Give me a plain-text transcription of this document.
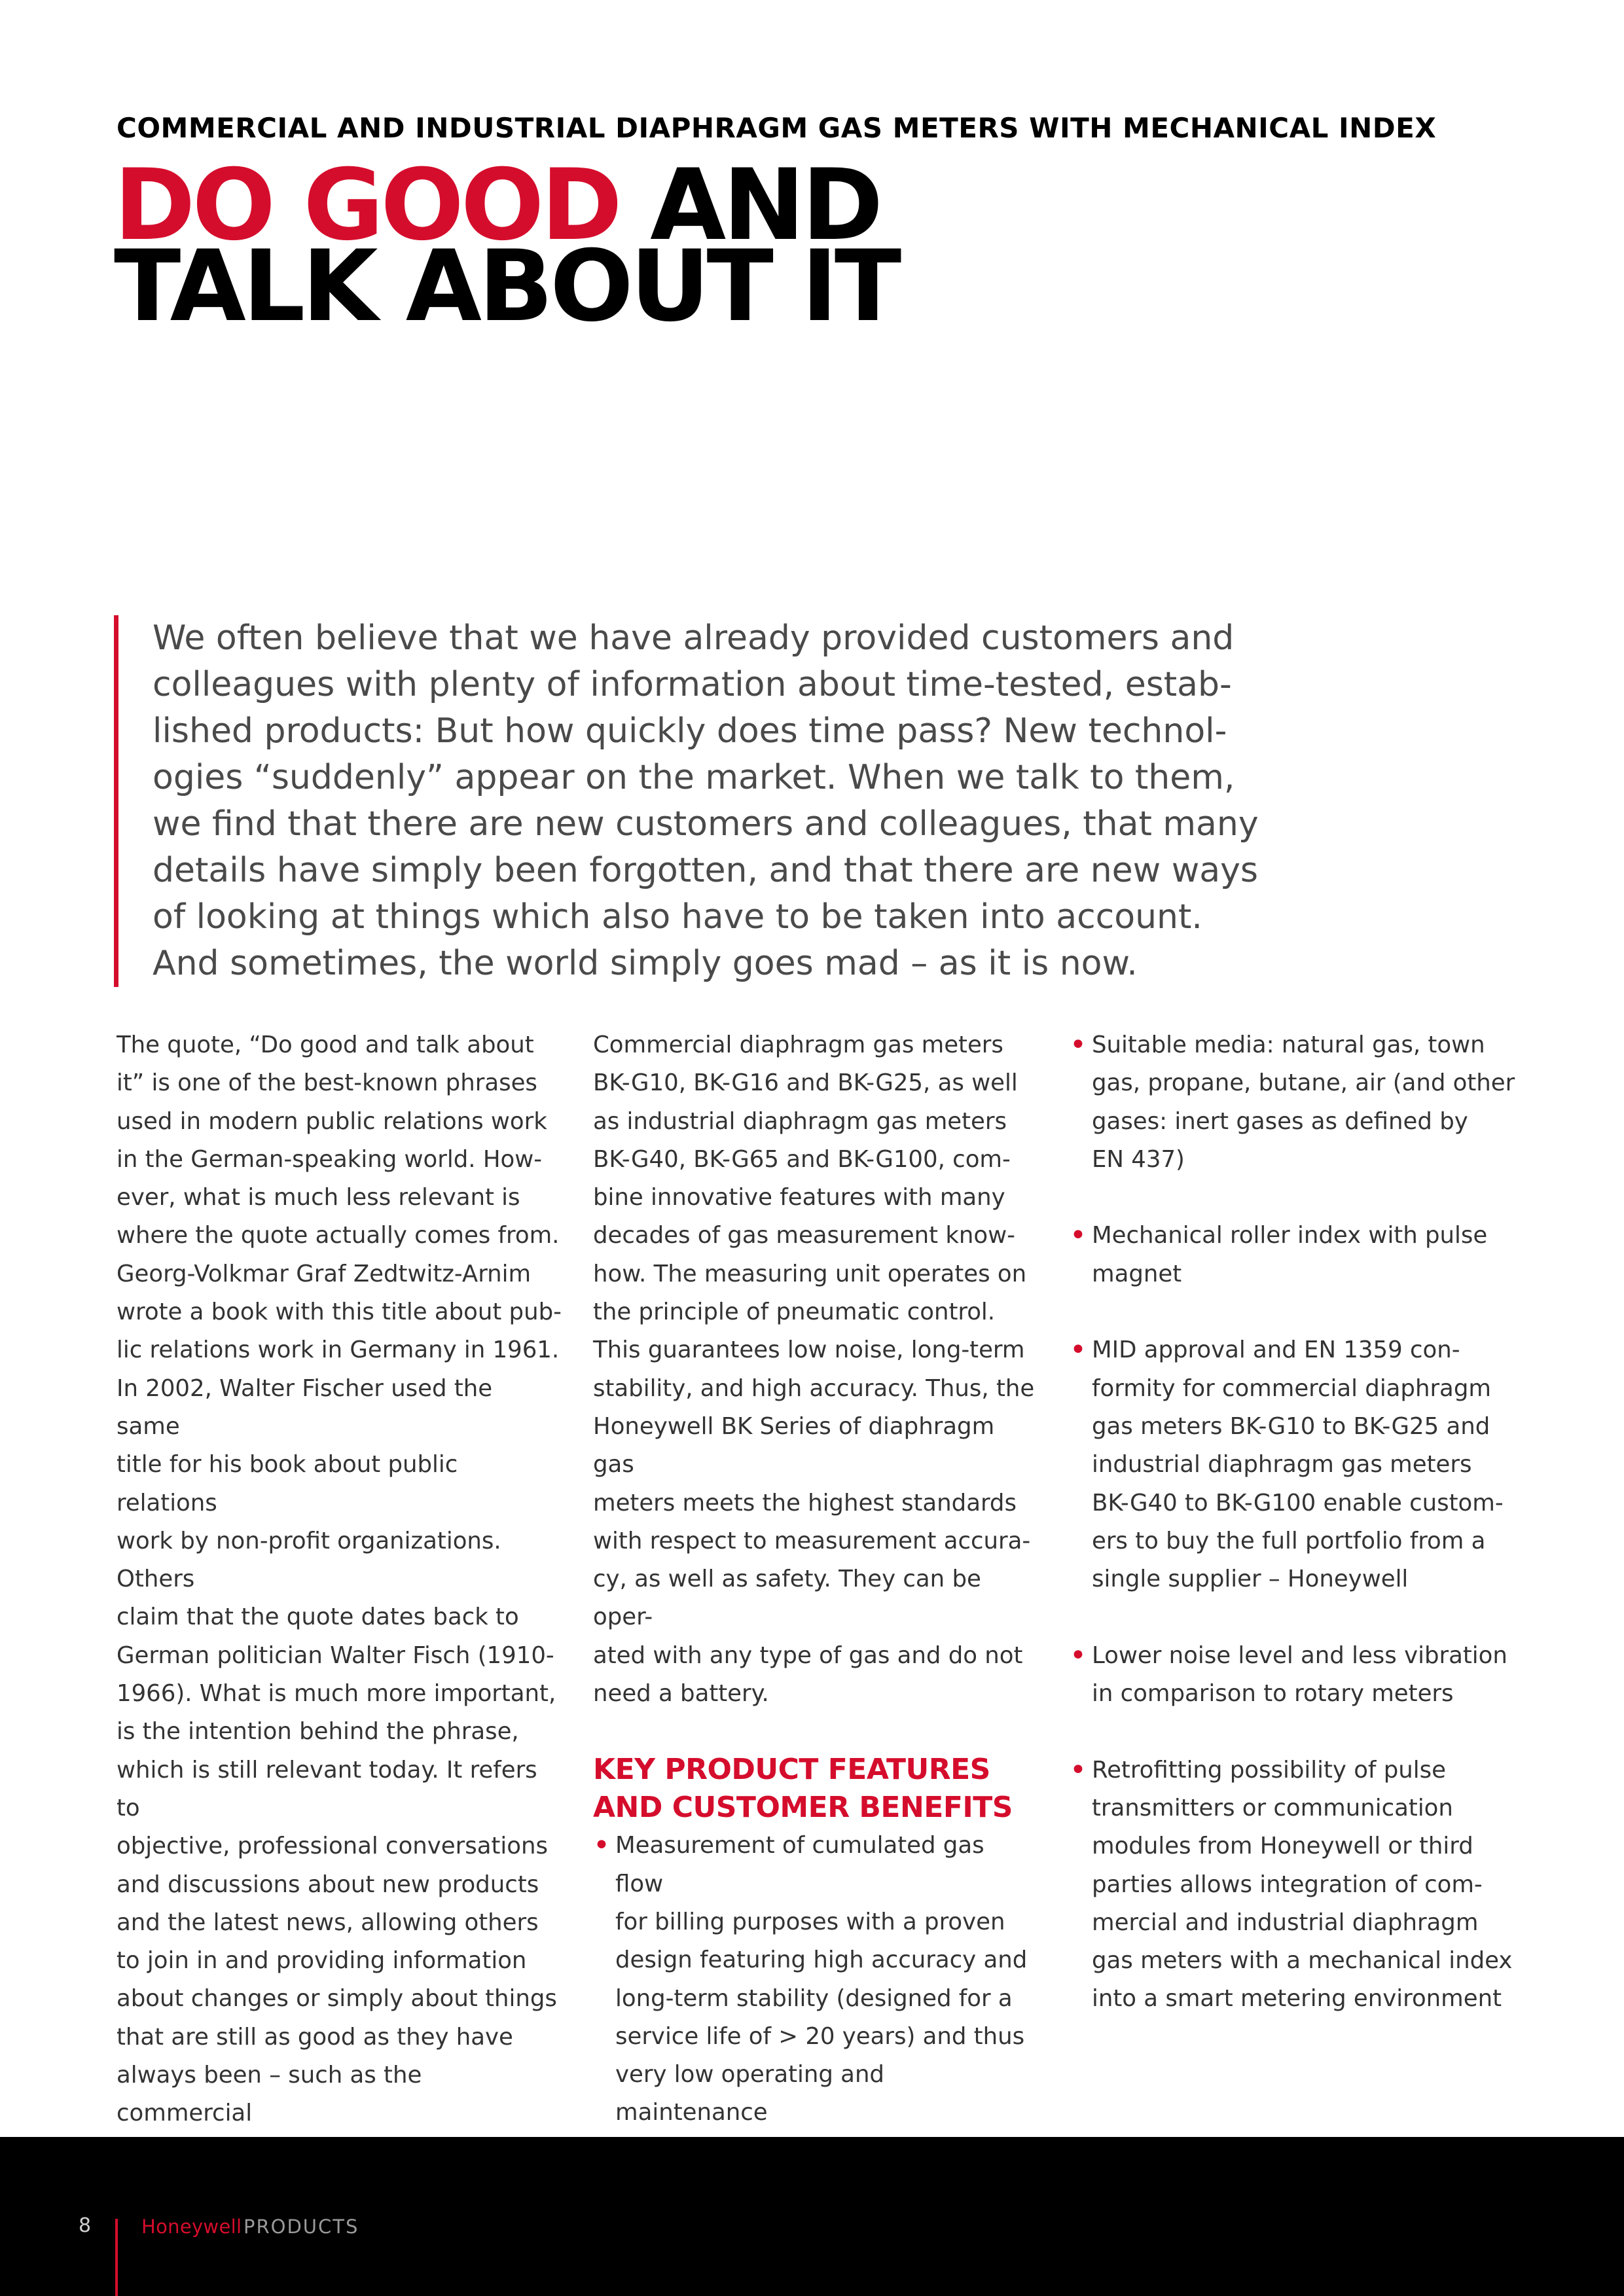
COMMERCIAL AND INDUSTRIAL DIAPHRAGM GAS METERS WITH MECHANICAL INDEX
DO GOOD AND
TALK ABOUT IT

We often believe that we have already provided customers and
colleagues with plenty of information about time-tested, estab-
lished products: But how quickly does time pass? New technol-
ogies “suddenly” appear on the market. When we talk to them,
we find that there are new customers and colleagues, that many
details have simply been forgotten, and that there are new ways
of looking at things which also have to be taken into account.
And sometimes, the world simply goes mad – as it is now.

The quote, “Do good and talk about
it” is one of the best-known phrases
used in modern public relations work
in the German-speaking world. How-
ever, what is much less relevant is
where the quote actually comes from.
Georg-Volkmar Graf Zedtwitz-Arnim
wrote a book with this title about pub-
lic relations work in Germany in 1961.
In 2002, Walter Fischer used the same
title for his book about public relations
work by non-profit organizations. Others
claim that the quote dates back to
German politician Walter Fisch (1910-
1966). What is much more important,
is the intention behind the phrase,
which is still relevant today. It refers to
objective, professional conversations
and discussions about new products
and the latest news, allowing others
to join in and providing information
about changes or simply about things
that are still as good as they have
always been – such as the commercial

Commercial diaphragm gas meters
BK-G10, BK-G16 and BK-G25, as well
as industrial diaphragm gas meters
BK-G40, BK-G65 and BK-G100, com-
bine innovative features with many
decades of gas measurement know-
how. The measuring unit operates on
the principle of pneumatic control.
This guarantees low noise, long-term
stability, and high accuracy. Thus, the
Honeywell BK Series of diaphragm gas
meters meets the highest standards
with respect to measurement accura-
cy, as well as safety. They can be oper-
ated with any type of gas and do not
need a battery.

KEY PRODUCT FEATURES
AND CUSTOMER BENEFITS
• Measurement of cumulated gas flow
for billing purposes with a proven
design featuring high accuracy and
long-term stability (designed for a
service life of > 20 years) and thus
very low operating and maintenance

• Suitable media: natural gas, town
gas, propane, butane, air (and other
gases: inert gases as defined by
EN 437)
• Mechanical roller index with pulse
magnet
• MID approval and EN 1359 con-
formity for commercial diaphragm
gas meters BK-G10 to BK-G25 and
industrial diaphragm gas meters
BK-G40 to BK-G100 enable custom-
ers to buy the full portfolio from a
single supplier – Honeywell
• Lower noise level and less vibration
in comparison to rotary meters
• Retrofitting possibility of pulse
transmitters or communication
modules from Honeywell or third
parties allows integration of com-
mercial and industrial diaphragm
gas meters with a mechanical index
into a smart metering environment
8	Honeywell PRODUCTS
